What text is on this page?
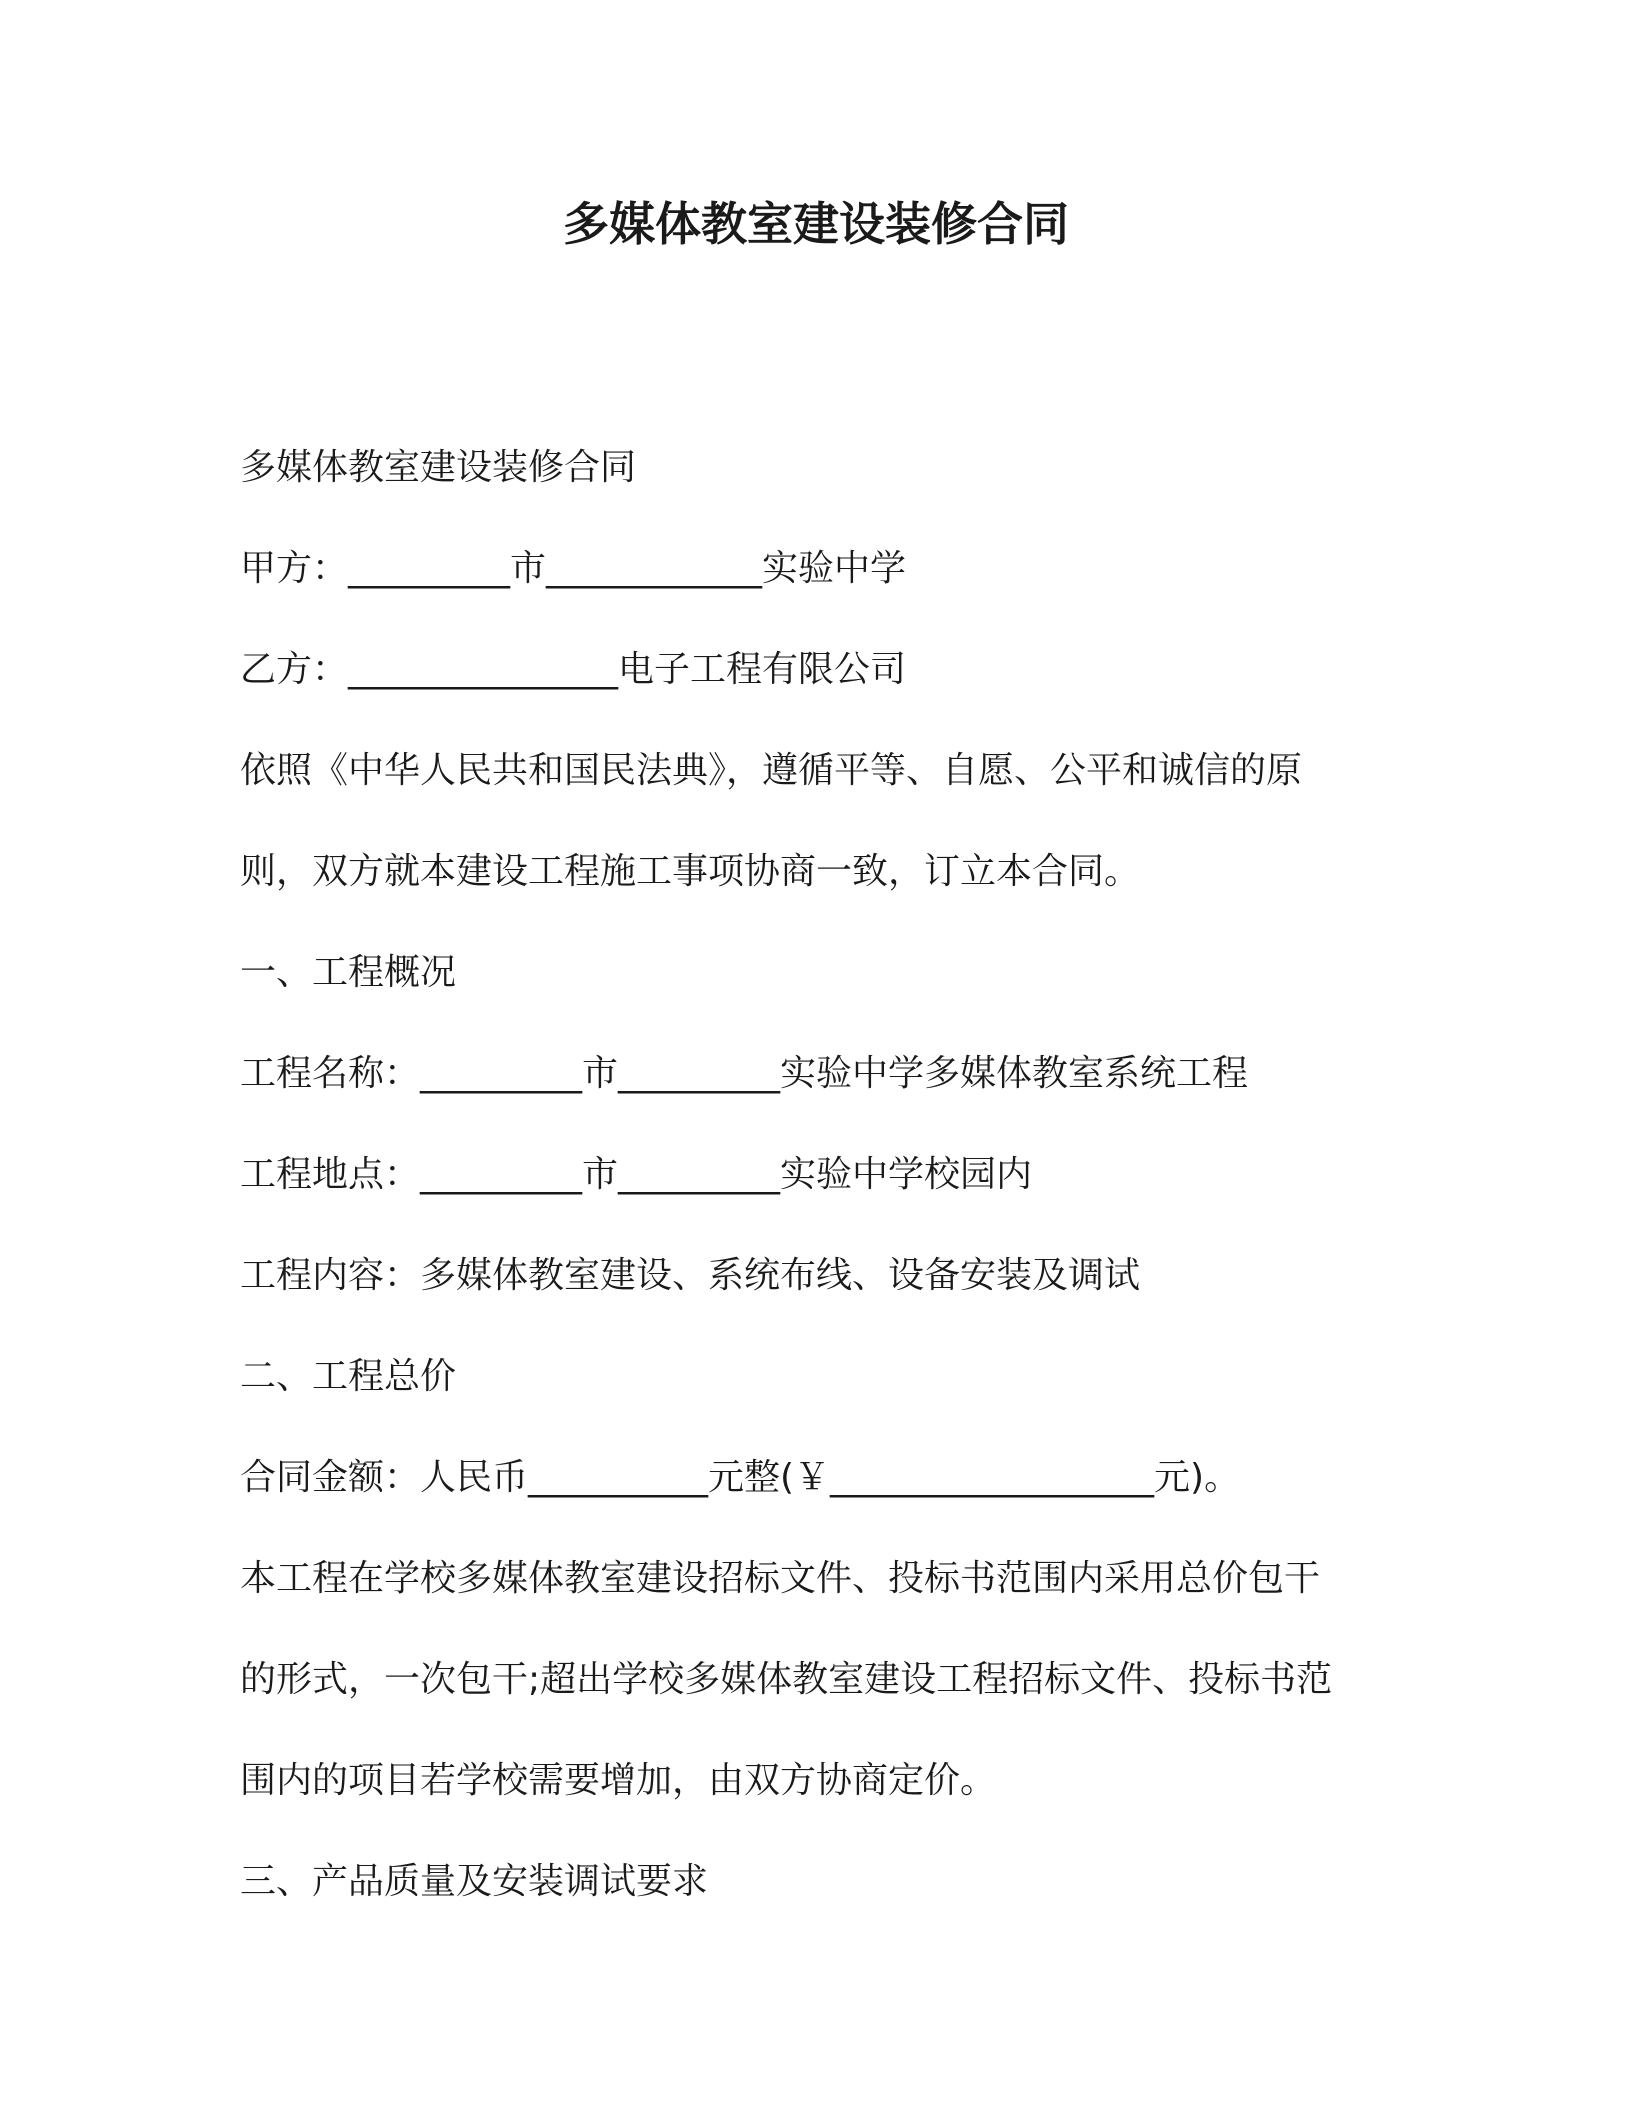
多媒体教室建设装修合同

多媒体教室建设装修合同

甲方：_________市____________实验中学

乙方：_______________电子工程有限公司

依照《中华人民共和国民法典》，遵循平等、自愿、公平和诚信的原

则，双方就本建设工程施工事项协商一致，订立本合同。

一、工程概况

工程名称：_________市_________实验中学多媒体教室系统工程

工程地点：_________市_________实验中学校园内

工程内容：多媒体教室建设、系统布线、设备安装及调试

二、工程总价

合同金额：人民币__________元整(￥__________________元)。

本工程在学校多媒体教室建设招标文件、投标书范围内采用总价包干

的形式，一次包干;超出学校多媒体教室建设工程招标文件、投标书范

围内的项目若学校需要增加，由双方协商定价。

三、产品质量及安装调试要求
